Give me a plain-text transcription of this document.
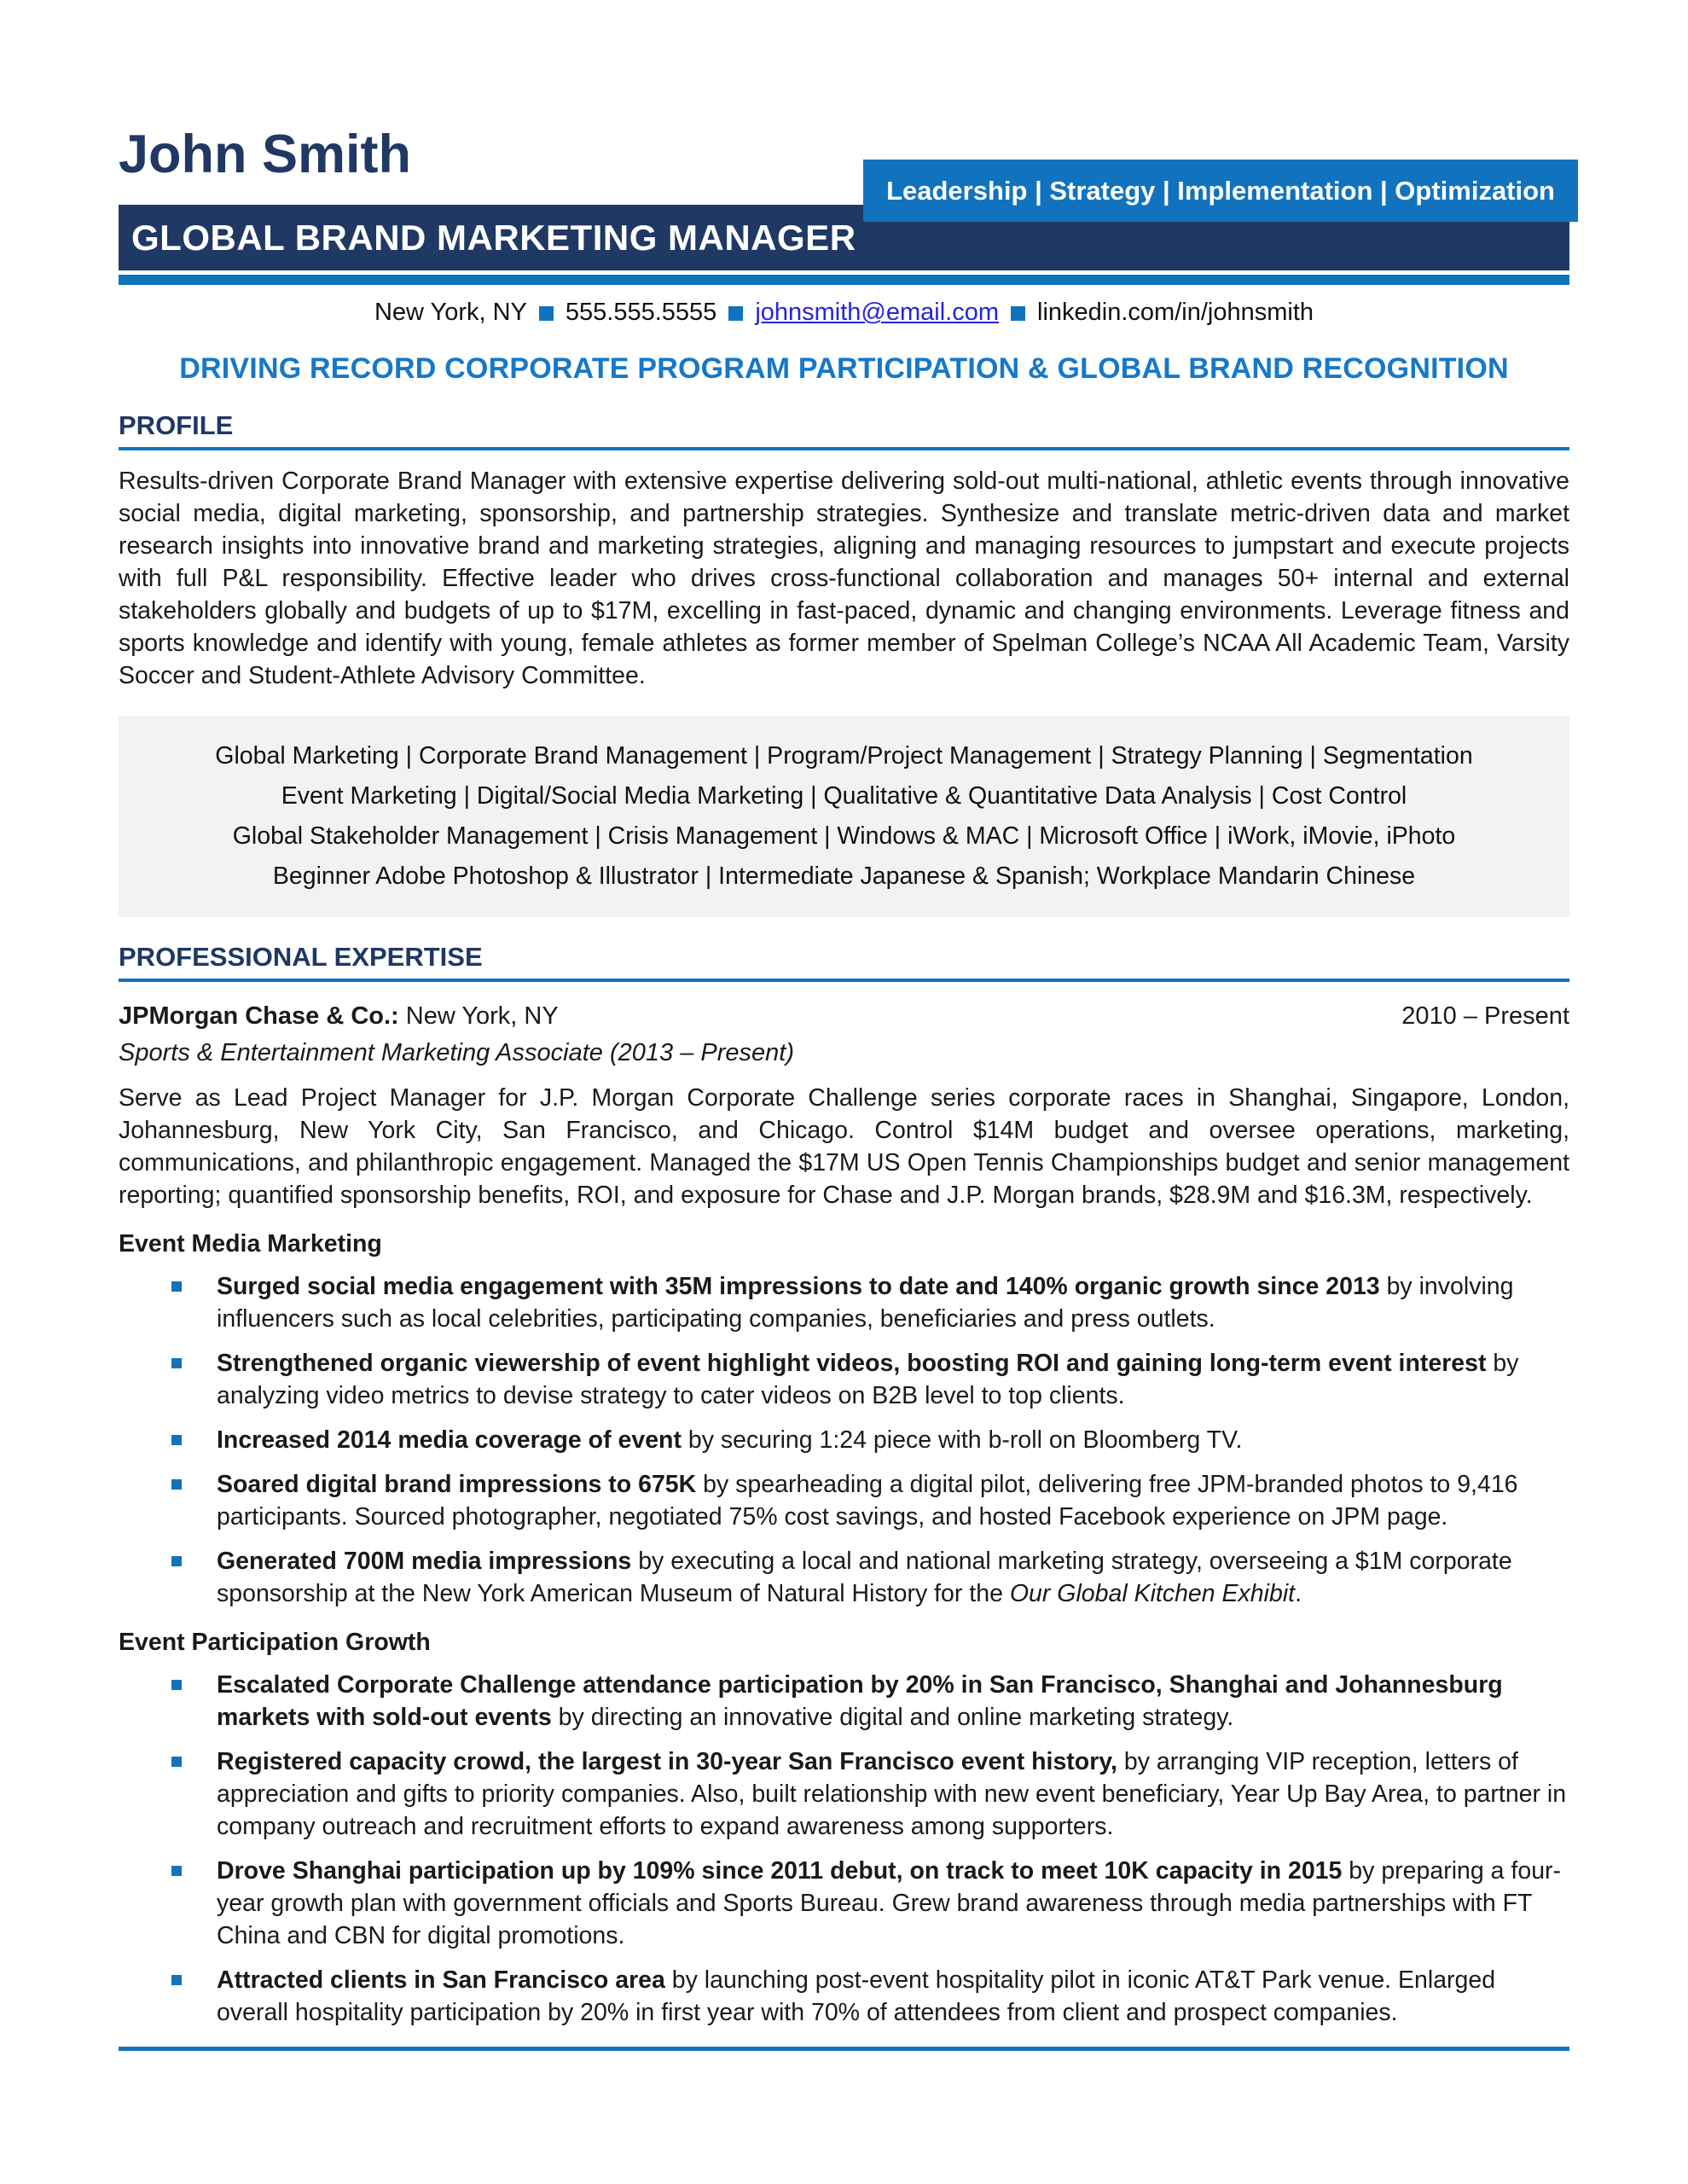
John Smith
Leadership | Strategy | Implementation | Optimization
GLOBAL BRAND MARKETING MANAGER
New York, NY 555.555.5555 johnsmith@email.com linkedin.com/in/johnsmith
DRIVING RECORD CORPORATE PROGRAM PARTICIPATION & GLOBAL BRAND RECOGNITION
PROFILE

Results-driven Corporate Brand Manager with extensive expertise delivering sold-out multi-national, athletic events through innovative social media, digital marketing, sponsorship, and partnership strategies. Synthesize and translate metric-driven data and market research insights into innovative brand and marketing strategies, aligning and managing resources to jumpstart and execute projects with full P&L responsibility. Effective leader who drives cross-functional collaboration and manages 50+ internal and external stakeholders globally and budgets of up to $17M, excelling in fast-paced, dynamic and changing environments. Leverage fitness and sports knowledge and identify with young, female athletes as former member of Spelman College’s NCAA All Academic Team, Varsity Soccer and Student-Athlete Advisory Committee.

Global Marketing | Corporate Brand Management | Program/Project Management | Strategy Planning | Segmentation
Event Marketing | Digital/Social Media Marketing | Qualitative & Quantitative Data Analysis | Cost Control
Global Stakeholder Management | Crisis Management | Windows & MAC | Microsoft Office | iWork, iMovie, iPhoto
Beginner Adobe Photoshop & Illustrator | Intermediate Japanese & Spanish; Workplace Mandarin Chinese
PROFESSIONAL EXPERTISE
JPMorgan Chase & Co.: New York, NY	2010 – Present
Sports & Entertainment Marketing Associate (2013 – Present)

Serve as Lead Project Manager for J.P. Morgan Corporate Challenge series corporate races in Shanghai, Singapore, London, Johannesburg, New York City, San Francisco, and Chicago. Control $14M budget and oversee operations, marketing, communications, and philanthropic engagement. Managed the $17M US Open Tennis Championships budget and senior management reporting; quantified sponsorship benefits, ROI, and exposure for Chase and J.P. Morgan brands, $28.9M and $16.3M, respectively.

Event Media Marketing

Surged social media engagement with 35M impressions to date and 140% organic growth since 2013 by involving influencers such as local celebrities, participating companies, beneficiaries and press outlets.

Strengthened organic viewership of event highlight videos, boosting ROI and gaining long-term event interest by analyzing video metrics to devise strategy to cater videos on B2B level to top clients.

Increased 2014 media coverage of event by securing 1:24 piece with b-roll on Bloomberg TV.

Soared digital brand impressions to 675K by spearheading a digital pilot, delivering free JPM-branded photos to 9,416 participants. Sourced photographer, negotiated 75% cost savings, and hosted Facebook experience on JPM page.

Generated 700M media impressions by executing a local and national marketing strategy, overseeing a $1M corporate sponsorship at the New York American Museum of Natural History for the Our Global Kitchen Exhibit.

Event Participation Growth

Escalated Corporate Challenge attendance participation by 20% in San Francisco, Shanghai and Johannesburg markets with sold-out events by directing an innovative digital and online marketing strategy.

Registered capacity crowd, the largest in 30-year San Francisco event history, by arranging VIP reception, letters of appreciation and gifts to priority companies. Also, built relationship with new event beneficiary, Year Up Bay Area, to partner in company outreach and recruitment efforts to expand awareness among supporters.

Drove Shanghai participation up by 109% since 2011 debut, on track to meet 10K capacity in 2015 by preparing a four-year growth plan with government officials and Sports Bureau. Grew brand awareness through media partnerships with FT China and CBN for digital promotions.

Attracted clients in San Francisco area by launching post-event hospitality pilot in iconic AT&T Park venue. Enlarged overall hospitality participation by 20% in first year with 70% of attendees from client and prospect companies.
